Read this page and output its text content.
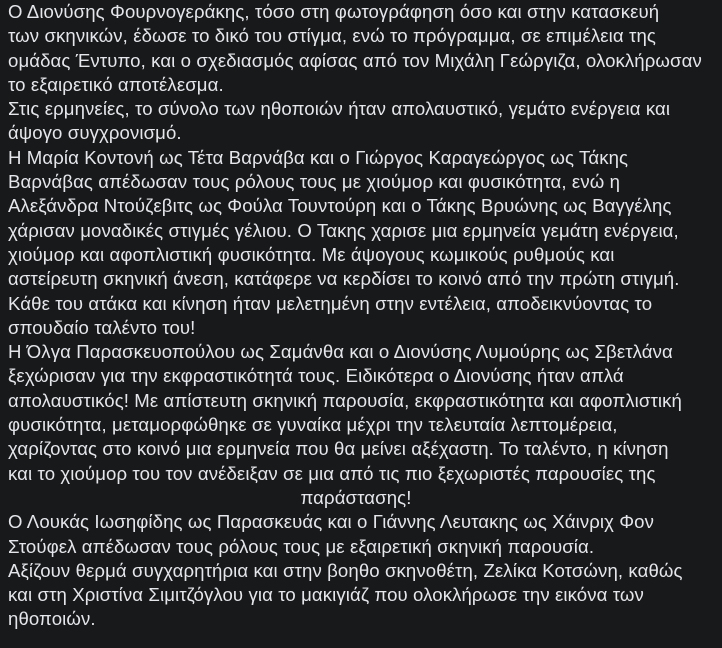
Ο Διονύσης Φουρνογεράκης, τόσο στη φωτογράφηση όσο και στην κατασκευή
των σκηνικών, έδωσε το δικό του στίγμα, ενώ το πρόγραμμα, σε επιμέλεια της
ομάδας Έντυπο, και ο σχεδιασμός αφίσας από τον Μιχάλη Γεώργιζα, ολοκλήρωσαν
το εξαιρετικό αποτέλεσμα.
Στις ερμηνείες, το σύνολο των ηθοποιών ήταν απολαυστικό, γεμάτο ενέργεια και
άψογο συγχρονισμό.
Η Μαρία Κοντονή ως Τέτα Βαρνάβα και ο Γιώργος Καραγεώργος ως Τάκης
Βαρνάβας απέδωσαν τους ρόλους τους με χιούμορ και φυσικότητα, ενώ η
Αλεξάνδρα Ντούζεβιτς ως Φούλα Τουντούρη και ο Τάκης Βρυώνης ως Βαγγέλης
χάρισαν μοναδικές στιγμές γέλιου. Ο Τακης χαρισε μια ερμηνεία γεμάτη ενέργεια,
χιούμορ και αφοπλιστική φυσικότητα. Με άψογους κωμικούς ρυθμούς και
αστείρευτη σκηνική άνεση, κατάφερε να κερδίσει το κοινό από την πρώτη στιγμή.
Κάθε του ατάκα και κίνηση ήταν μελετημένη στην εντέλεια, αποδεικνύοντας το
σπουδαίο ταλέντο του!
Η Όλγα Παρασκευοπούλου ως Σαμάνθα και ο Διονύσης Λυμούρης ως Σβετλάνα
ξεχώρισαν για την εκφραστικότητά τους. Ειδικότερα ο Διονύσης ήταν απλά
απολαυστικός! Με απίστευτη σκηνική παρουσία, εκφραστικότητα και αφοπλιστική
φυσικότητα, μεταμορφώθηκε σε γυναίκα μέχρι την τελευταία λεπτομέρεια,
χαρίζοντας στο κοινό μια ερμηνεία που θα μείνει αξέχαστη. Το ταλέντο, η κίνηση
και το χιούμορ του τον ανέδειξαν σε μια από τις πιο ξεχωριστές παρουσίες της
παράστασης!
Ο Λουκάς Ιωσηφίδης ως Παρασκευάς και ο Γιάννης Λευτακης ως Χάινριχ Φον
Στούφελ απέδωσαν τους ρόλους τους με εξαιρετική σκηνική παρουσία.
Αξίζουν θερμά συγχαρητήρια και στην βοηθο σκηνοθέτη, Ζελίκα Κοτσώνη, καθώς
και στη Χριστίνα Σιμιτζόγλου για το μακιγιάζ που ολοκλήρωσε την εικόνα των
ηθοποιών.
